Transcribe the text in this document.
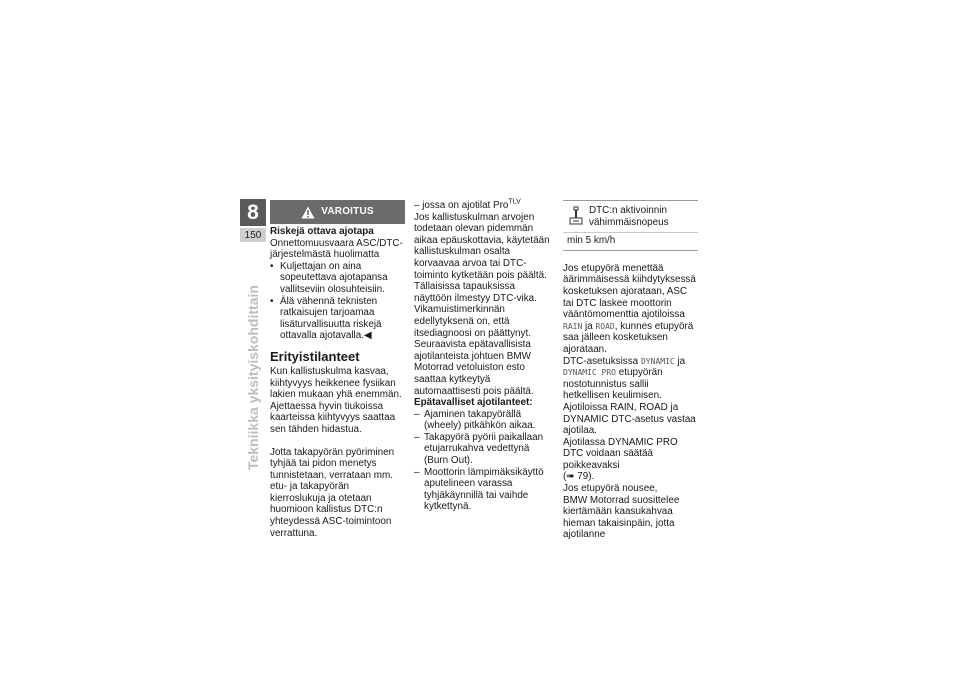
8
150
Tekniikka yksityiskohdittain
VAROITUS

Riskejä ottava ajotapa

Onnettomuusvaara ASC/DTC-järjestelmästä huolimatta

• Kuljettajan on aina sopeutettava ajotapansa vallitseviin olosuhteisiin.
• Älä vähennä teknisten ratkaisujen tarjoamaa lisäturvallisuutta riskejä ottavalla ajotavalla.◀
Erityistilanteet

Kun kallistuskulma kasvaa, kiihtyvyys heikkenee fysiikan lakien mukaan yhä enemmän. Ajettaessa hyvin tiukoissa kaarteissa kiihtyvyys saattaa sen tähden hidastua.

Jotta takapyörän pyöriminen tyhjää tai pidon menetys tunnistetaan, verrataan mm. etu- ja takapyörän kierroslukuja ja otetaan huomioon kallistus DTC:n yhteydessä ASC-toimintoon verrattuna.

– jossa on ajotilat Pro$^{TLV}$

Jos kallistuskulman arvojen todetaan olevan pidemmän aikaa epäuskottavia, käytetään kallistuskulman osalta korvaavaa arvoa tai DTC-toiminto kytketään pois päältä. Tällaisissa tapauksissa näyttöön ilmestyy DTC-vika. Vikamuistimerkinnän edellytyksenä on, että itsediagnoosi on päättynyt.

Seuraavista epätavallisista ajotilanteista johtuen BMW Motorrad vetoluiston esto saattaa kytkeytyä automaattisesti pois päältä.

Epätavalliset ajotilanteet:

– Ajaminen takapyörällä (wheely) pitkähkön aikaa.
– Takapyörä pyörii paikallaan etujarrukahva vedettynä (Burn Out).
– Moottorin lämpimäksikäyttö aputelineen varassa tyhjäkäynnillä tai vaihde kytkettynä.
DTC:n aktivoinnin vähimmäisnopeus
min 5 km/h

Jos etupyörä menettää äärimmäisessä kiihdytyksessä kosketuksen ajorataan, ASC tai DTC laskee moottorin vääntömomenttia ajotiloissa RAIN ja ROAD, kunnes etupyörä saa jälleen kosketuksen ajorataan.

DTC-asetuksissa DYNAMIC ja DYNAMIC PRO etupyörän nostotunnistus sallii hetkellisen keulimisen.

Ajotiloissa RAIN, ROAD ja DYNAMIC DTC-asetus vastaa ajotilaa.

Ajotilassa DYNAMIC PRO DTC voidaan säätää poikkeavaksi

(➠ 79).

Jos etupyörä nousee,

BMW Motorrad suosittelee kiertämään kaasukahvaa hieman takaisinpäin, jotta ajotilanne
